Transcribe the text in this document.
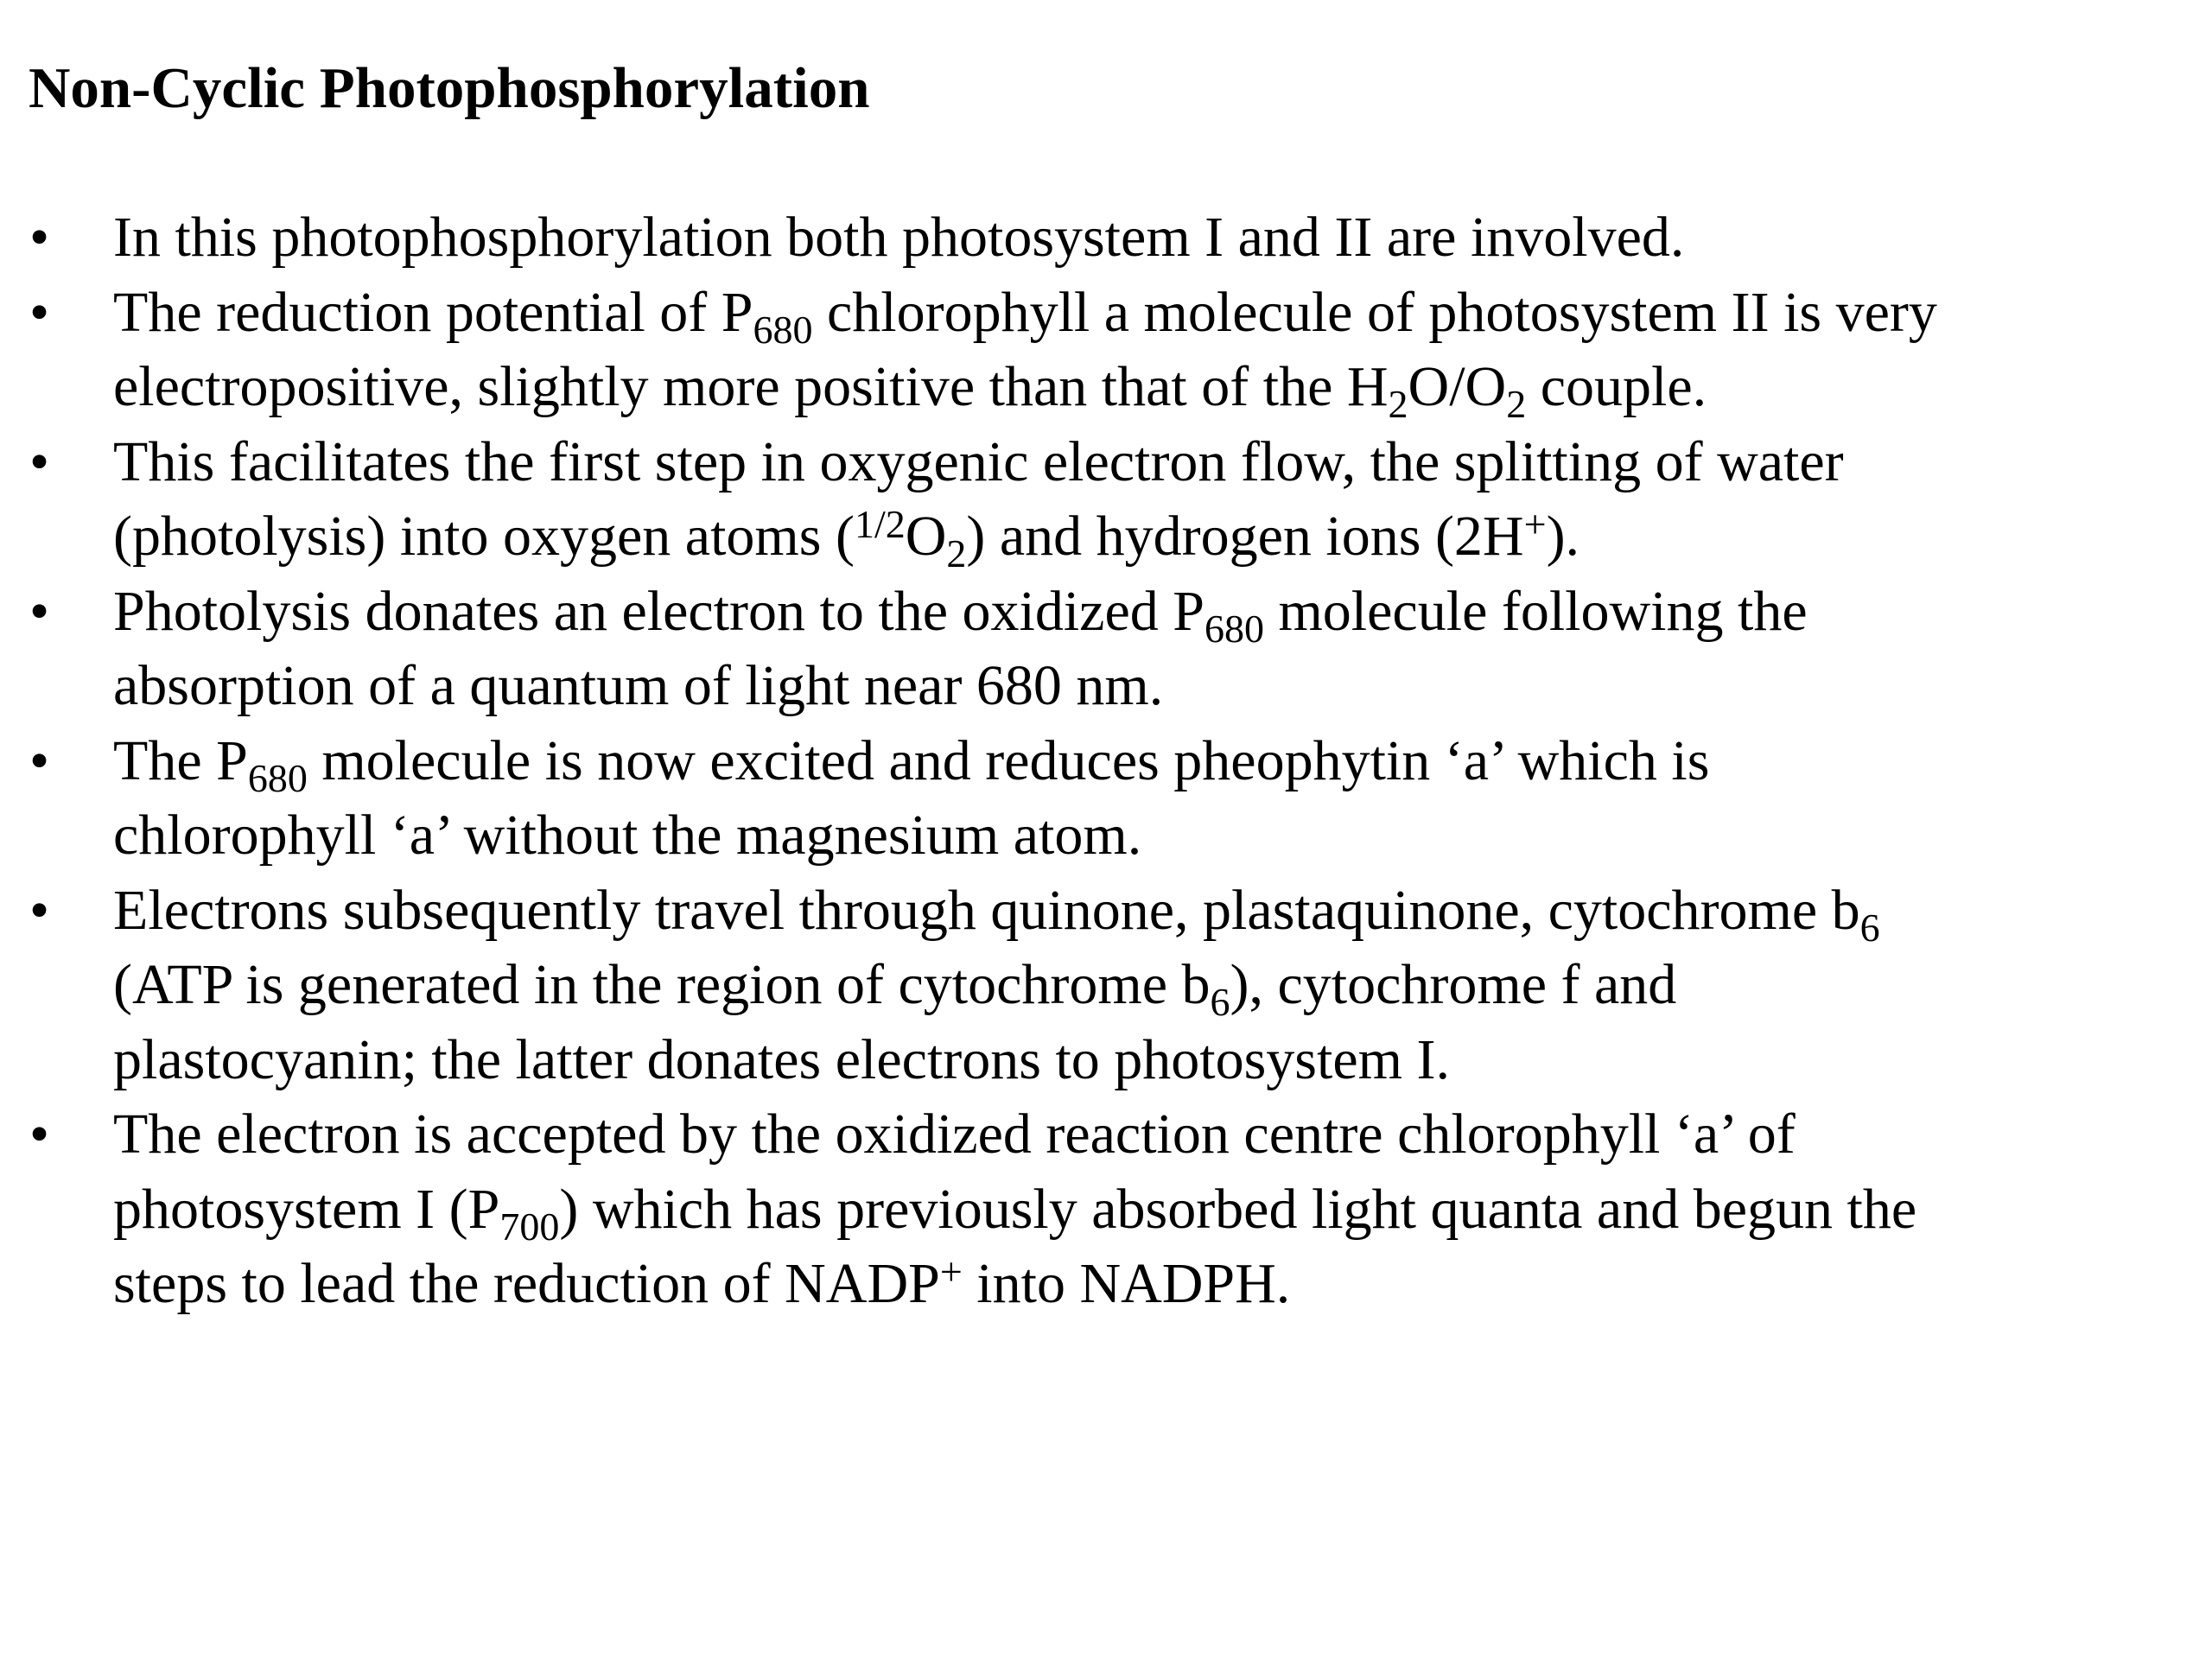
Non-Cyclic Photophosphorylation
• In this photophosphorylation both photosystem I and II are involved.
• The reduction potential of $P_{680}$ chlorophyll a molecule of photosystem II is very
electropositive, slightly more positive than that of the $H_2O/O_2$ couple.
• This facilitates the first step in oxygenic electron flow, the splitting of water
(photolysis) into oxygen atoms $(^{1/2}O_2)$ and hydrogen ions (2H+).
• Photolysis donates an electron to the oxidized $P_{680}$ molecule following the
absorption of a quantum of light near 680 nm.
• The $P_{680}$ molecule is now excited and reduces pheophytin ‘a’ which is
chlorophyll ‘a’ without the magnesium atom.
• Electrons subsequently travel through quinone, plastaquinone, cytochrome $b_6$
(ATP is generated in the region of cytochrome $b_6$), cytochrome f and
plastocyanin; the latter donates electrons to photosystem I.
• The electron is accepted by the oxidized reaction centre chlorophyll ‘a’ of
photosystem I $(P_{700})$ which has previously absorbed light quanta and begun the
steps to lead the reduction of NADP+ into NADPH.
